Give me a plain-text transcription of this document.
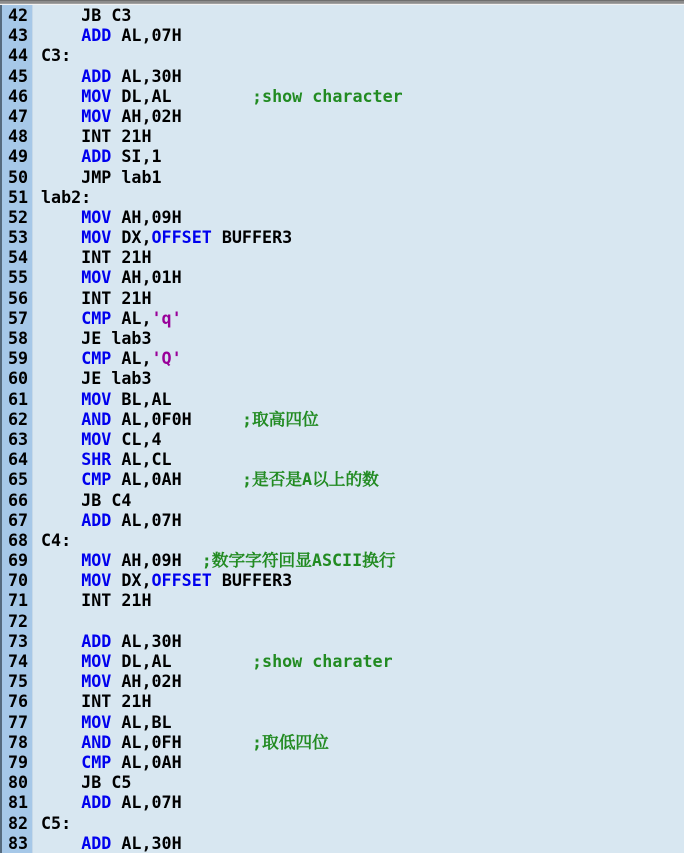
42 JB C3
43	ADD AL,07H
44 C3:
45	ADD AL,30H
46	MOV DL,AL        ;show character
47	MOV AH,02H
48 INT 21H
49	ADD SI,1
50 JMP lab1
51 lab2:
52	MOV AH,09H
53	MOV DX,OFFSET BUFFER3
54 INT 21H
55	MOV AH,01H
56 INT 21H
57	CMP AL,'q'
58 JE lab3
59	CMP AL,'Q'
60 JE lab3
61	MOV BL,AL
62	AND AL,0F0H     ;取高四位
63	MOV CL,4
64	SHR AL,CL
65	CMP AL,0AH      ;是否是A以上的数
66 JB C4
67	ADD AL,07H
68 C4:
69	MOV AH,09H  ;数字字符回显ASCII换行
70	MOV DX,OFFSET BUFFER3
71 INT 21H
72
73	ADD AL,30H
74	MOV DL,AL        ;show charater
75	MOV AH,02H
76 INT 21H
77	MOV AL,BL
78	AND AL,0FH       ;取低四位
79	CMP AL,0AH
80 JB C5
81	ADD AL,07H
82 C5:
83	ADD AL,30H
